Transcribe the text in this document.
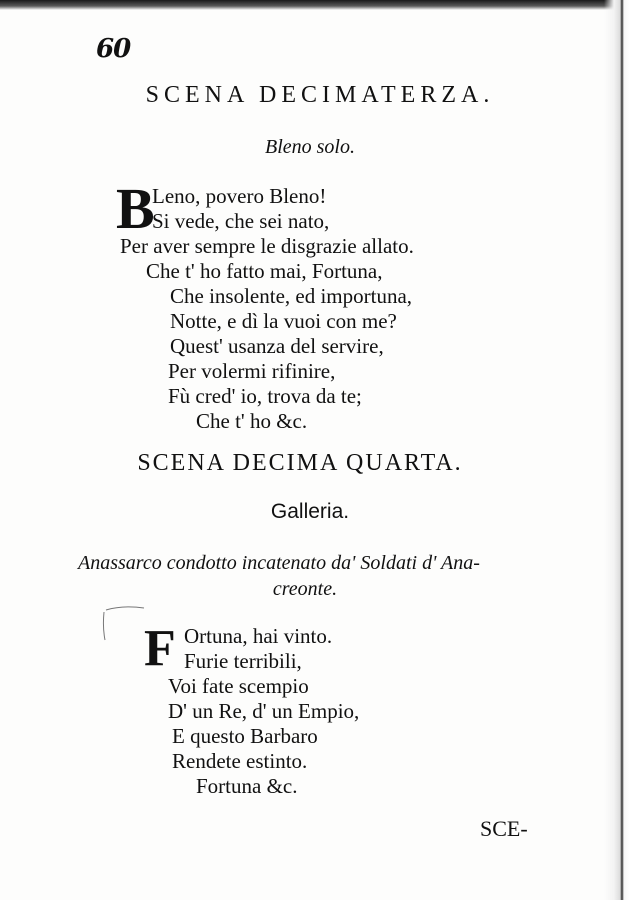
60
SCENA DECIMATERZA.
Bleno solo.
B
Leno, povero Bleno!
Si vede, che sei nato,
Per aver sempre le disgrazie allato.
Che t' ho fatto mai, Fortuna,
Che insolente, ed importuna,
Notte, e dì la vuoi con me?
Quest' usanza del servire,
Per volermi rifinire,
Fù cred' io, trova da te;
Che t' ho &c.
SCENA DECIMA QUARTA.
Galleria.
Anassarco condotto incatenato da' Soldati d' Ana-
creonte.
F Ortuna, hai vinto.
Furie terribili,
Voi fate scempio
D' un Re, d' un Empio,
E questo Barbaro
Rendete estinto.
Fortuna &c.
SCE-
